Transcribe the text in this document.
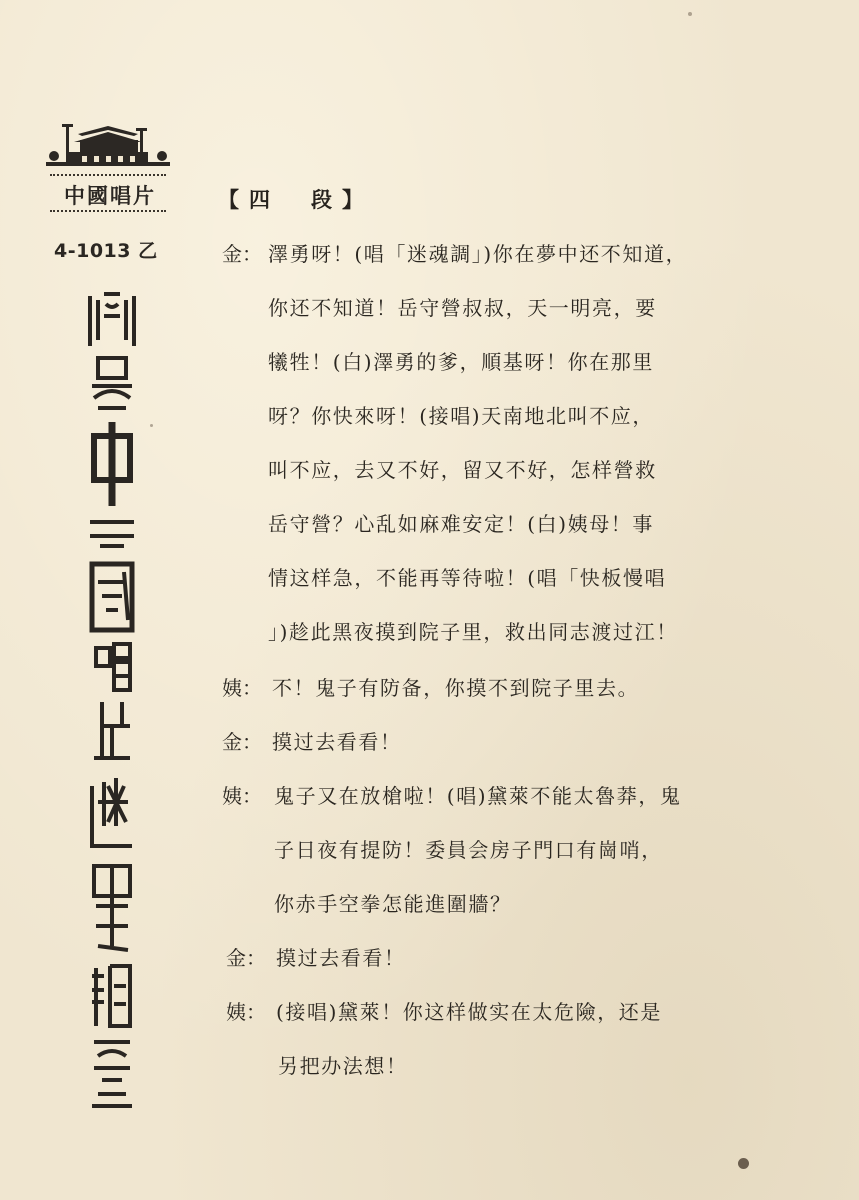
中國唱片
4-1013 乙
【四　段】
金： 澤勇呀！(唱「迷魂調」)你在夢中还不知道，
你还不知道！岳守營叔叔，天一明亮，要
犧牲！(白)澤勇的爹，順基呀！你在那里
呀？你快來呀！(接唱)天南地北叫不应，
叫不应，去又不好，留又不好，怎样營救
岳守營？心乱如麻难安定！(白)姨母！事
情这样急，不能再等待啦！(唱「快板慢唱
」)趁此黑夜摸到院子里，救出同志渡过江！
姨： 不！鬼子有防备，你摸不到院子里去。
金： 摸过去看看！
姨： 鬼子又在放槍啦！(唱)黛萊不能太魯莽，鬼
子日夜有提防！委員会房子門口有崗哨，
你赤手空拳怎能進圍牆？
金： 摸过去看看！
姨： (接唱)黛萊！你这样做实在太危險，还是
另把办法想！
